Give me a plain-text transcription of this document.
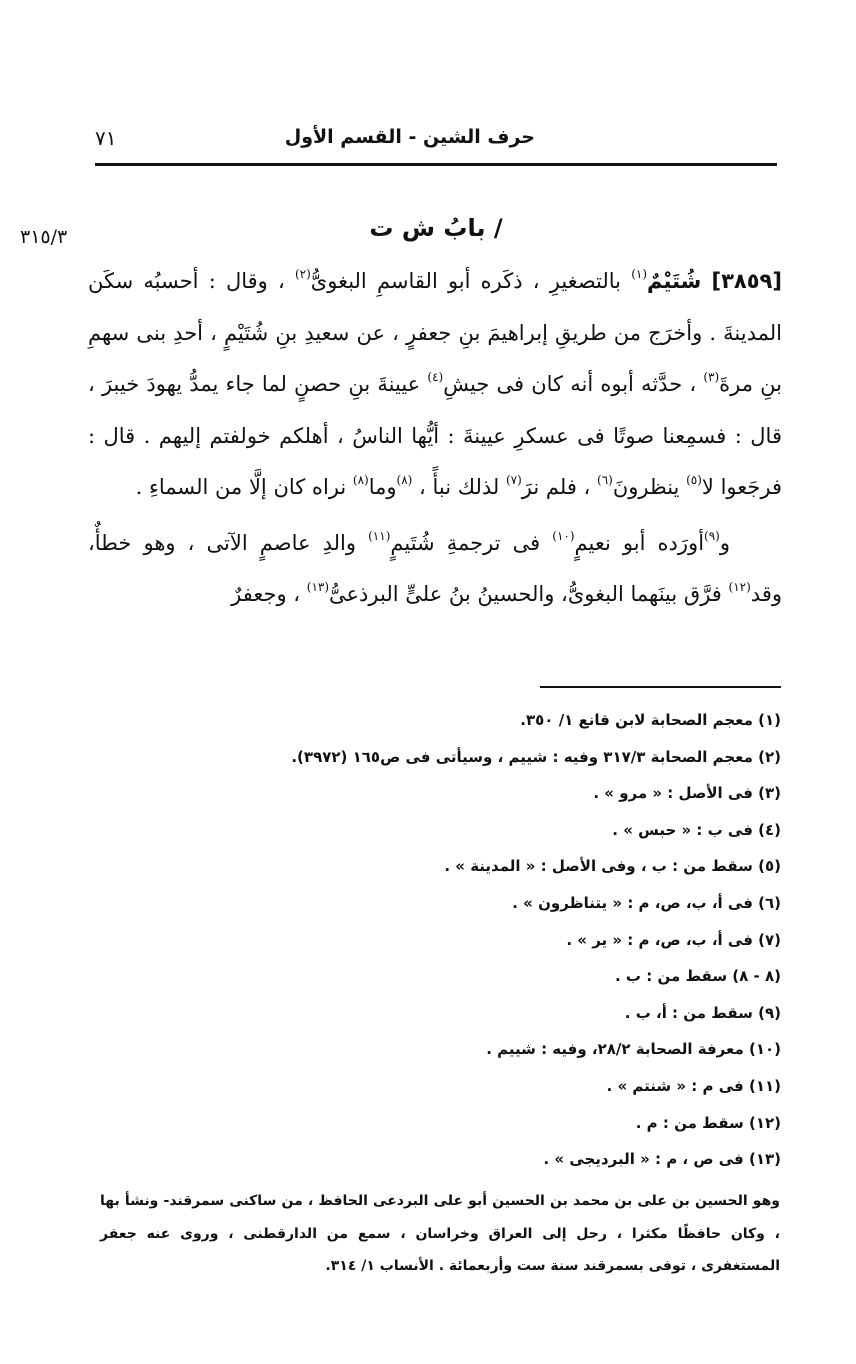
حرف الشين - القسم الأول
٧١
٣١٥/٣	/ بابُ ش ت

[٣٨٥٩] شُتَيْمٌ$^{(١)}$ بالتصغيرِ ، ذكَره أبو القاسمِ البغوىُّ$^{(٢)}$ ، وقال : أحسبُه سكَن المدينةَ . وأخرَج من طريقِ إبراهيمَ بنِ جعفرٍ ، عن سعيدِ بنِ شُتَيْمٍ ، أحدِ بنى سهمِ بنِ مرةَ$^{(٣)}$ ، حدَّثه أبوه أنه كان فى جيشِ$^{(٤)}$ عيينةَ بنِ حصنٍ لما جاء يمدُّ يهودَ خيبرَ ، قال : فسمِعنا صوتًا فى عسكرِ عيينةَ : أيُّها الناسُ ، أهلكم خولفتم إليهم . قال : فرجَعوا لا$^{(٥)}$ ينظرونَ$^{(٦)}$ ، فلم نرَ$^{(٧)}$ لذلك نبأً ، $^{(٨)}$وما$^{(٨)}$ نراه كان إلَّا من السماءِ .

و$^{(٩)}$أورَده أبو نعيمٍ$^{(١٠)}$ فى ترجمةِ شُتَيمٍ$^{(١١)}$ والدِ عاصمٍ الآتى ، وهو خطأٌ، وقد$^{(١٢)}$ فرَّق بينَهما البغوىُّ، والحسينُ بنُ علىٍّ البرذعىُّ$^{(١٣)}$ ، وجعفرٌ

(١) معجم الصحابة لابن قانع ١/ ٣٥٠.
(٢) معجم الصحابة ٣١٧/٣ وفيه : شييم ، وسيأتى فى ص١٦٥ (٣٩٧٢).
(٣) فى الأصل : « مرو » .
(٤) فى ب : « حبس » .
(٥) سقط من : ب ، وفى الأصل : « المدينة » .
(٦) فى أ، ب، ص، م : « يتناظرون » .
(٧) فى أ، ب، ص، م : « ير » .
(٨ - ٨) سقط من : ب .
(٩) سقط من : أ، ب .
(١٠) معرفة الصحابة ٢٨/٢، وفيه : شييم .
(١١) فى م : « شنتم » .
(١٢) سقط من : م .
(١٣) فى ص ، م : « البرديجى » .
وهو الحسين بن على بن محمد بن الحسين أبو على البردعى الحافظ ، من ساكنى سمرقند- ونشأ بها ، وكان حافظًا مكثرا ، رحل إلى العراق وخراسان ، سمع من الدارقطنى ، وروى عنه جعفر المستغفرى ، توفى بسمرقند سنة ست وأربعمائة . الأنساب ١/ ٣١٤.
